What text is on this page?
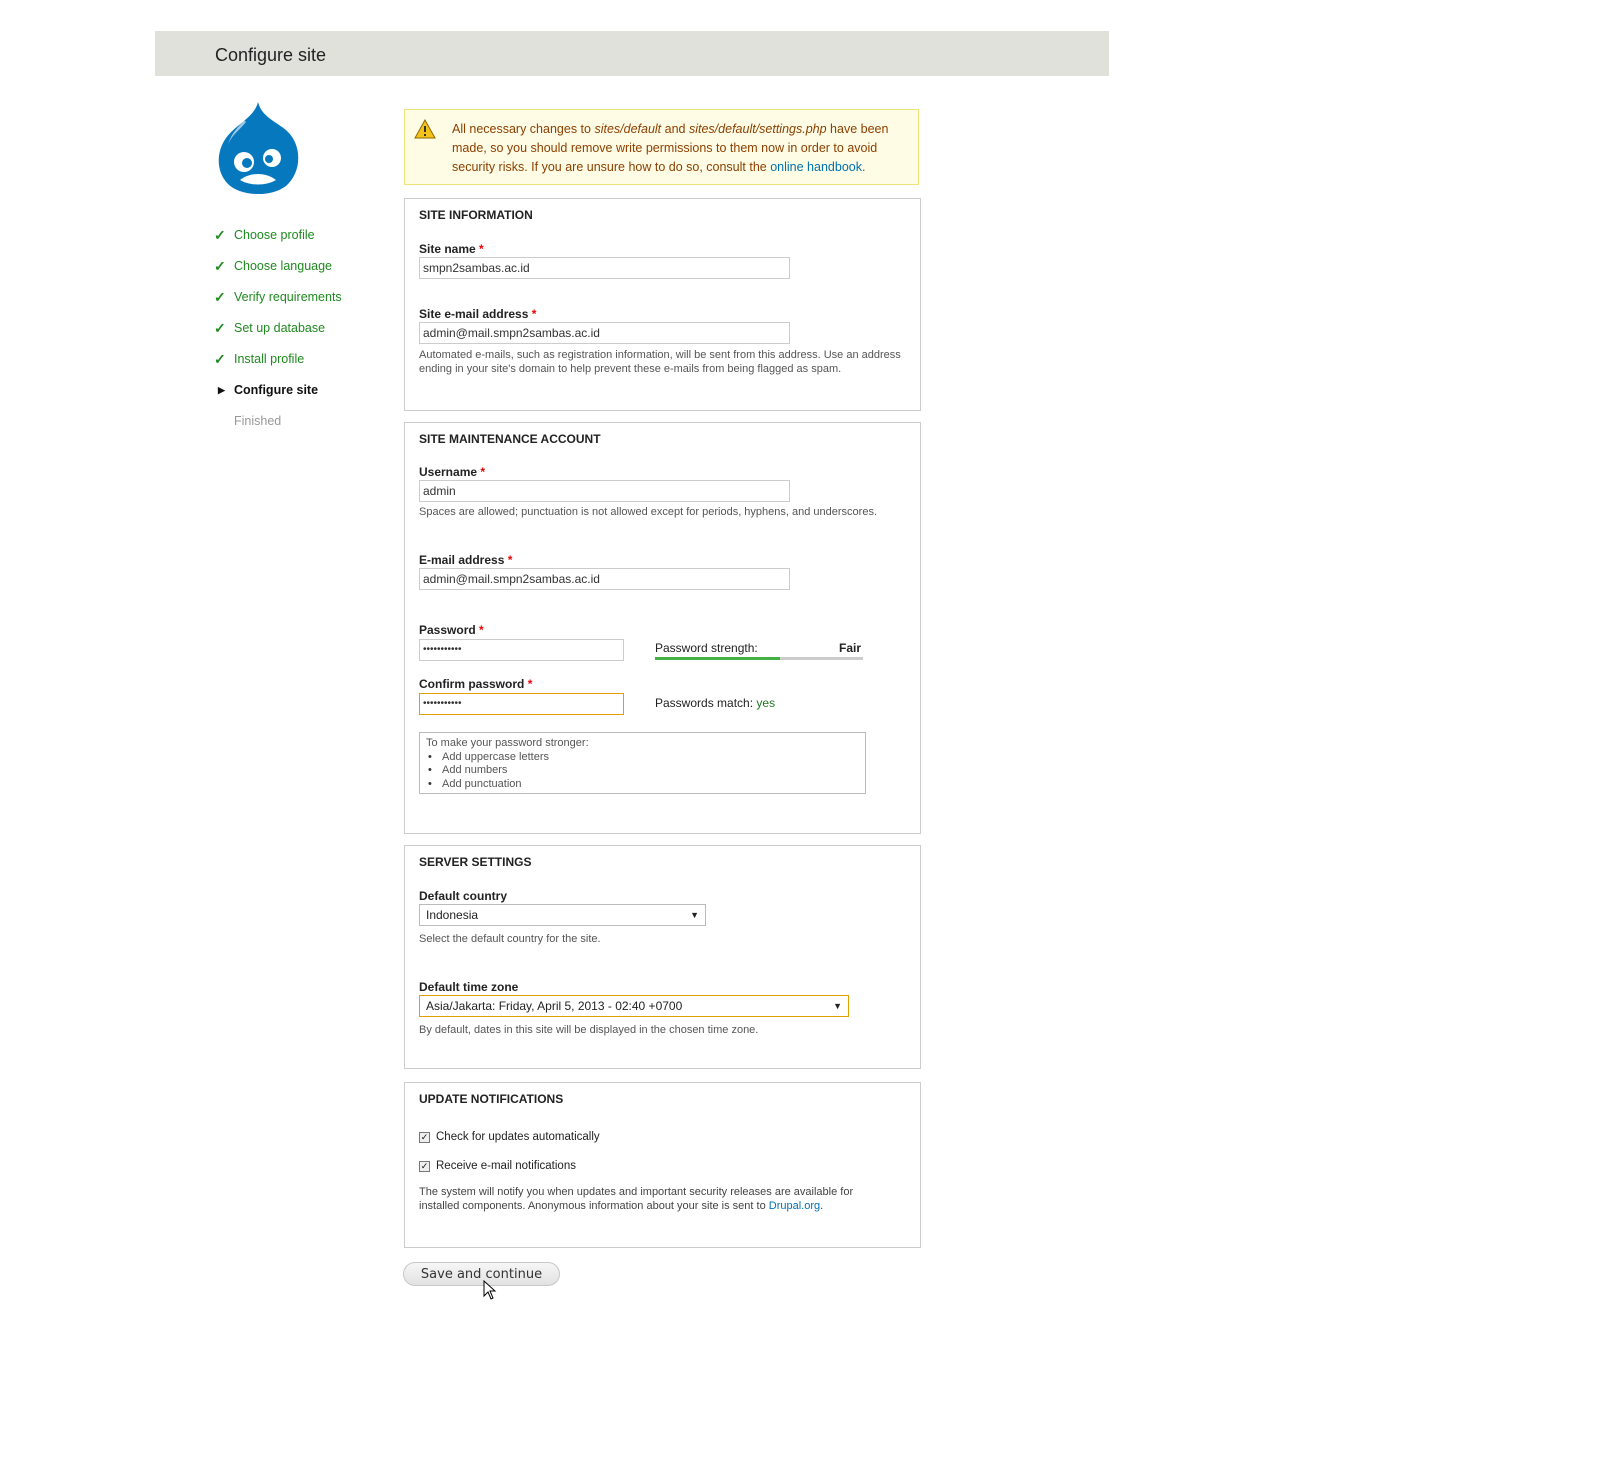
Configure site
✓ Choose profile
✓ Choose language
✓ Verify requirements
✓ Set up database
✓ Install profile
▶ Configure site
Finished
All necessary changes to sites/default and sites/default/settings.php have been made, so you should remove write permissions to them now in order to avoid security risks. If you are unsure how to do so, consult the online handbook.
SITE INFORMATION
Site name *
smpn2sambas.ac.id
Site e-mail address *
admin@mail.smpn2sambas.ac.id
Automated e-mails, such as registration information, will be sent from this address. Use an address ending in your site's domain to help prevent these e-mails from being flagged as spam.
SITE MAINTENANCE ACCOUNT
Username *
admin
Spaces are allowed; punctuation is not allowed except for periods, hyphens, and underscores.
E-mail address *
admin@mail.smpn2sambas.ac.id
Password *
•••••••••••	Password strength:	Fair
Confirm password *
•••••••••••	Passwords match: yes
To make your password stronger:
• Add uppercase letters
• Add numbers
• Add punctuation
SERVER SETTINGS
Default country
Indonesia	▼
Select the default country for the site.
Default time zone
Asia/Jakarta: Friday, April 5, 2013 - 02:40 +0700	▼
By default, dates in this site will be displayed in the chosen time zone.
UPDATE NOTIFICATIONS
✓ Check for updates automatically
✓ Receive e-mail notifications
The system will notify you when updates and important security releases are available for installed components. Anonymous information about your site is sent to Drupal.org.
Save and continue
